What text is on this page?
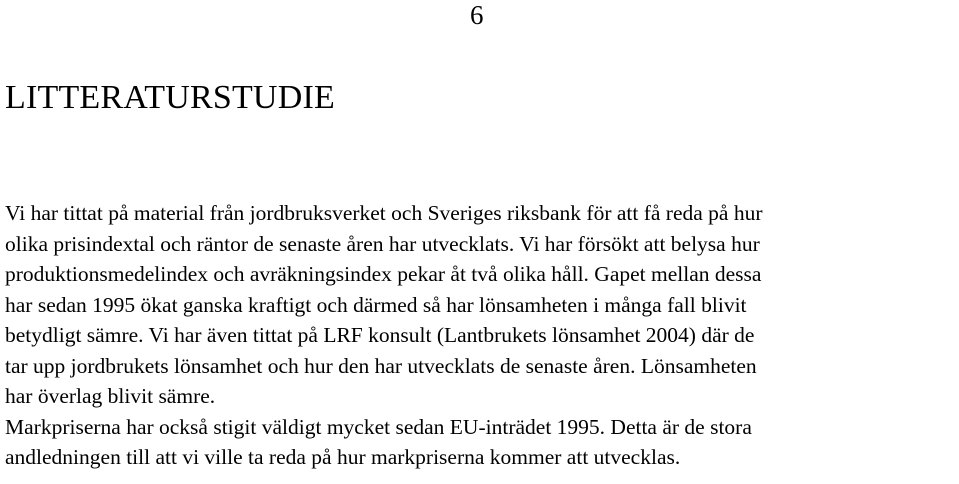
6
LITTERATURSTUDIE

Vi har tittat på material från jordbruksverket och Sveriges riksbank för att få reda på hur

olika prisindextal och räntor de senaste åren har utvecklats. Vi har försökt att belysa hur

produktionsmedelindex och avräkningsindex pekar åt två olika håll. Gapet mellan dessa

har sedan 1995 ökat ganska kraftigt och därmed så har lönsamheten i många fall blivit

betydligt sämre. Vi har även tittat på LRF konsult (Lantbrukets lönsamhet 2004) där de

tar upp jordbrukets lönsamhet och hur den har utvecklats de senaste åren. Lönsamheten

har överlag blivit sämre.

Markpriserna har också stigit väldigt mycket sedan EU-inträdet 1995. Detta är de stora

andledningen till att vi ville ta reda på hur markpriserna kommer att utvecklas.
